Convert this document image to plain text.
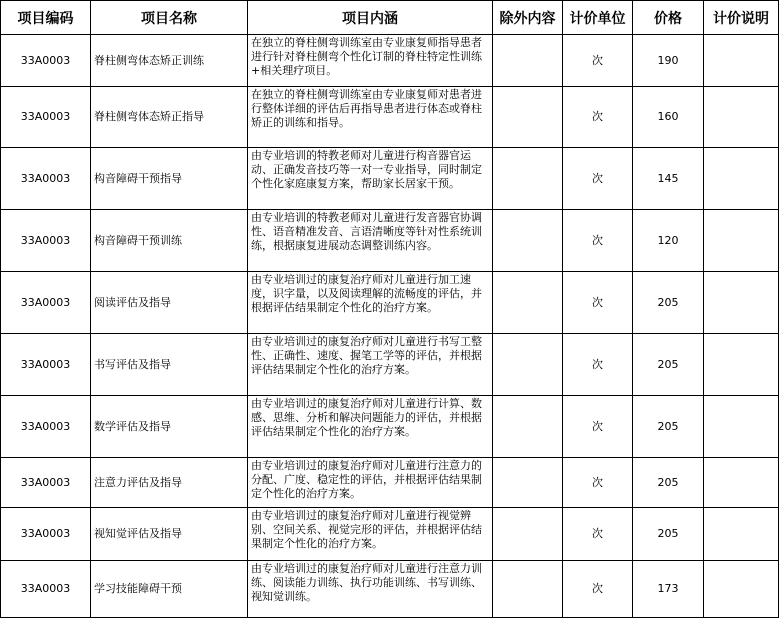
项目编码	项目名称	项目内涵	除外内容	计价单位	价格	计价说明
33A0003	脊柱侧弯体态矫正训练	在独立的脊柱侧弯训练室由专业康复师指导患者进行针对脊柱侧弯个性化订制的脊柱特定性训练+相关理疗项目。		次	190	
33A0003	脊柱侧弯体态矫正指导	在独立的脊柱侧弯训练室由专业康复师对患者进行整体详细的评估后再指导患者进行体态或脊柱矫正的训练和指导。		次	160	
33A0003	构音障碍干预指导	由专业培训的特教老师对儿童进行构音器官运动、正确发音技巧等一对一专业指导，同时制定个性化家庭康复方案，帮助家长居家干预。		次	145	
33A0003	构音障碍干预训练	由专业培训的特教老师对儿童进行发音器官协调性、语音精准发音、言语清晰度等针对性系统训练，根据康复进展动态调整训练内容。		次	120	
33A0003	阅读评估及指导	由专业培训过的康复治疗师对儿童进行加工速度，识字量，以及阅读理解的流畅度的评估，并根据评估结果制定个性化的治疗方案。		次	205	
33A0003	书写评估及指导	由专业培训过的康复治疗师对儿童进行书写工整性、正确性、速度、握笔工学等的评估，并根据评估结果制定个性化的治疗方案。		次	205	
33A0003	数学评估及指导	由专业培训过的康复治疗师对儿童进行计算、数感、思维、分析和解决问题能力的评估，并根据评估结果制定个性化的治疗方案。		次	205	
33A0003	注意力评估及指导	由专业培训过的康复治疗师对儿童进行注意力的分配、广度、稳定性的评估，并根据评估结果制定个性化的治疗方案。		次	205	
33A0003	视知觉评估及指导	由专业培训过的康复治疗师对儿童进行视觉辨别、空间关系、视觉完形的评估，并根据评估结果制定个性化的治疗方案。		次	205	
33A0003	学习技能障碍干预	由专业培训过的康复治疗师对儿童进行注意力训练、阅读能力训练、执行功能训练、书写训练、视知觉训练。		次	173	
